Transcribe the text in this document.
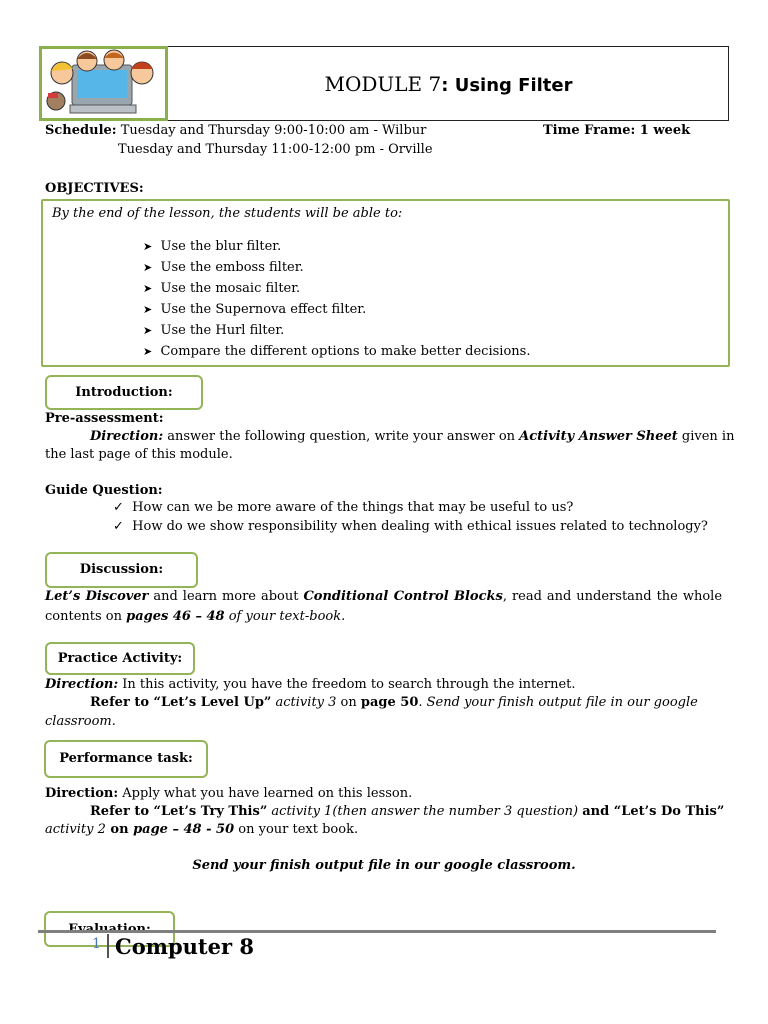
MODULE 7: Using Filter
Schedule: Tuesday and Thursday 9:00-10:00 am - Wilbur	Time Frame: 1 week
Tuesday and Thursday 11:00-12:00 pm - Orville
OBJECTIVES:
By the end of the lesson, the students will be able to:
➤ Use the blur filter.
➤ Use the emboss filter.
➤ Use the mosaic filter.
➤ Use the Supernova effect filter.
➤ Use the Hurl filter.
➤ Compare the different options to make better decisions.
Introduction:
Pre-assessment:
Direction: answer the following question, write your answer on Activity Answer Sheet given in
the last page of this module.
Guide Question:
✓ How can we be more aware of the things that may be useful to us?
✓ How do we show responsibility when dealing with ethical issues related to technology?
Discussion:
Let’s Discover and learn more about Conditional Control Blocks, read and understand the whole
contents on pages 46 – 48 of your text-book.
Practice Activity:
Direction: In this activity, you have the freedom to search through the internet.
Refer to “Let’s Level Up” activity 3 on page 50. Send your finish output file in our google
classroom.
Performance task:
Direction: Apply what you have learned on this lesson.
Refer to “Let’s Try This” activity 1(then answer the number 3 question) and “Let’s Do This”
activity 2 on page – 48 - 50 on your text book.
Send your finish output file in our google classroom.
1 Computer 8
